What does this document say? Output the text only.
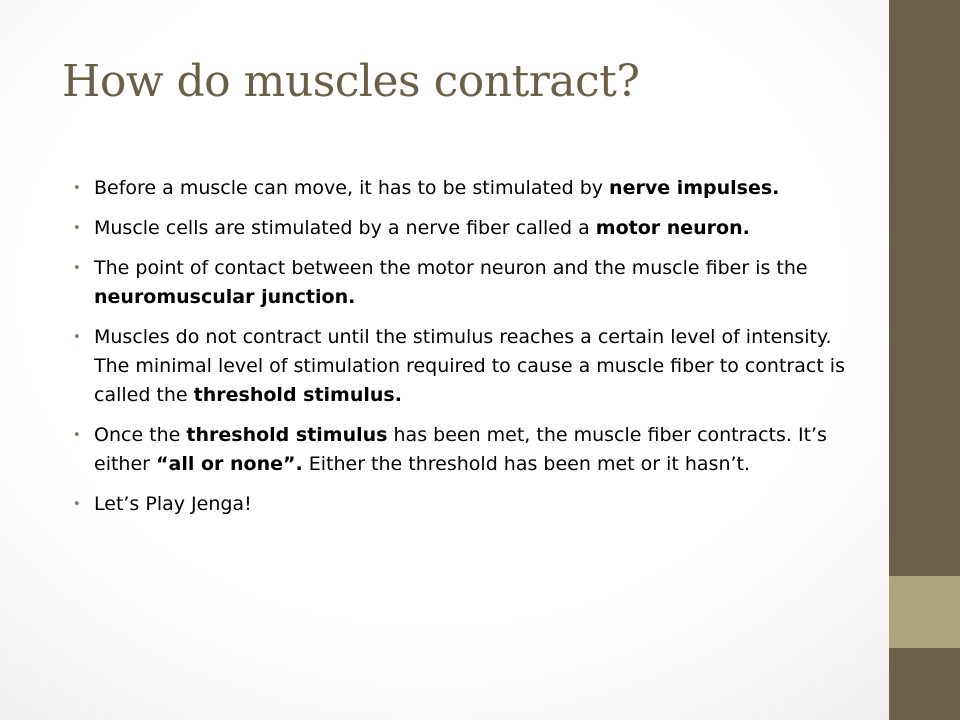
How do muscles contract?
• Before a muscle can move, it has to be stimulated by nerve impulses.
• Muscle cells are stimulated by a nerve fiber called a motor neuron.
• The point of contact between the motor neuron and the muscle fiber is the neuromuscular junction.
• Muscles do not contract until the stimulus reaches a certain level of intensity. The minimal level of stimulation required to cause a muscle fiber to contract is called the threshold stimulus.
• Once the threshold stimulus has been met, the muscle fiber contracts. It’s either “all or none”. Either the threshold has been met or it hasn’t.
• Let’s Play Jenga!
